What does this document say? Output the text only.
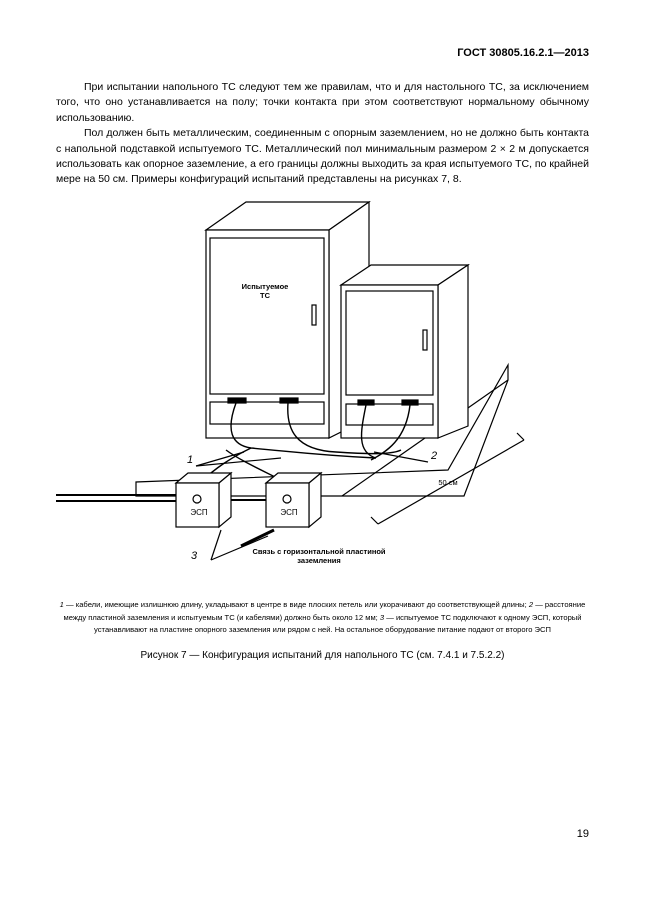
ГОСТ 30805.16.2.1—2013

При испытании напольного ТС следуют тем же правилам, что и для настольного ТС, за исключением того, что оно устанавливается на полу; точки контакта при этом соответствуют нормальному обычному использованию.

Пол должен быть металлическим, соединенным с опорным заземлением, но не должно быть контакта с напольной подставкой испытуемого ТС. Металлический пол минимальным размером 2 × 2 м допускается использовать как опорное заземление, а его границы должны выходить за края испытуемого ТС, по крайней мере на 50 см. Примеры конфигураций испытаний представлены на рисунках 7, 8.

Испытуемое
ТС
ЭСП	ЭСП
50 см
1	2
3	Связь с горизонтальной пластиной
заземления
1 — кабели, имеющие излишнюю длину, укладывают в центре в виде плоских петель или укорачивают до соответствующей длины; 2 — расстояние между пластиной заземления и испытуемым ТС (и кабелями) должно быть около 12 мм; 3 — испытуемое ТС подключают к одному ЭСП, который устанавливают на пластине опорного заземления или рядом с ней. На остальное оборудование питание подают от второго ЭСП
Рисунок 7 — Конфигурация испытаний для напольного ТС (см. 7.4.1 и 7.5.2.2)
19
